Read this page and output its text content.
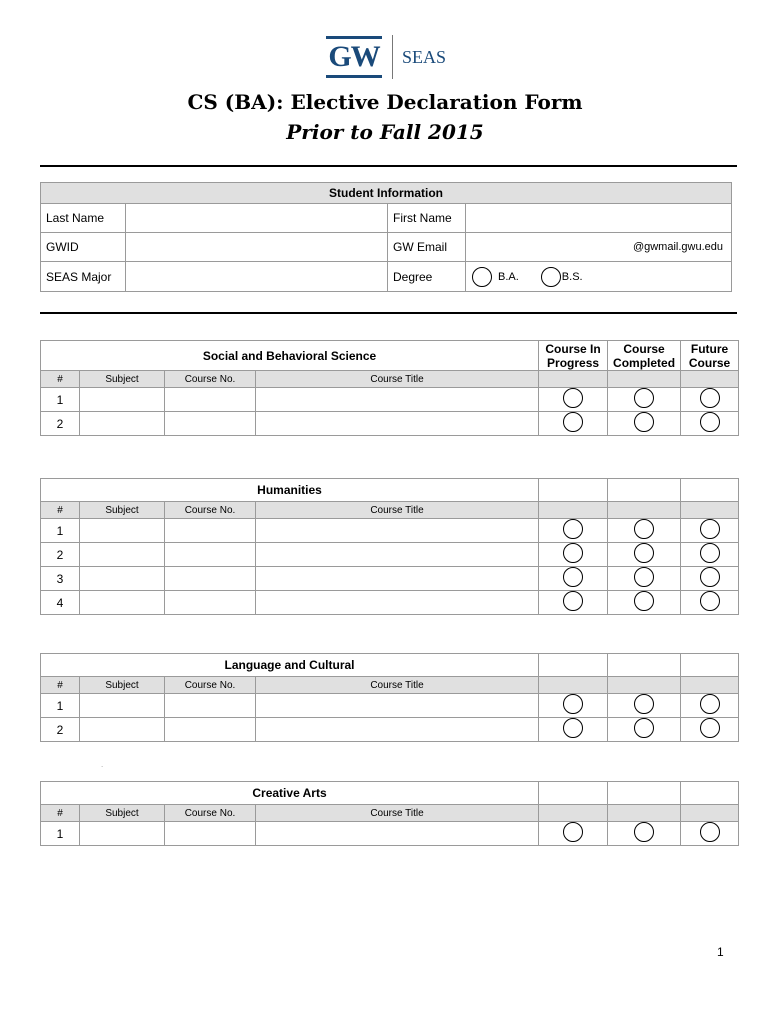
GW SEAS
CS (BA): Elective Declaration Form
Prior to Fall 2015
Student Information
Last Name	First Name
GWID	GW Email	@gwmail.gwu.edu
SEAS Major	Degree	B.A.	B.S.
Social and Behavioral Science				Course In Progress	Course Completed	Future Course
#	Subject	Course No.	Course Title			
1						
2						
Humanities						
#	Subject	Course No.	Course Title			
1						
2						
3						
4						
Language and Cultural						
#	Subject	Course No.	Course Title			
1						
2						
Creative Arts						
#	Subject	Course No.	Course Title			
1						
.
1
